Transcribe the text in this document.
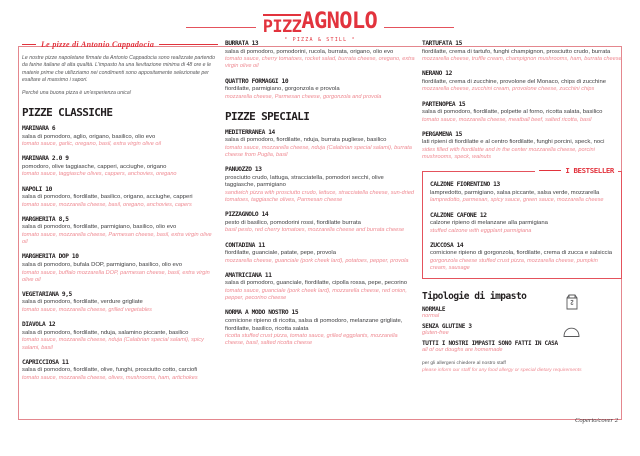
PIZZ AGNOLO
° PIZZA & STILL °
Le pizze di Antonio Cappadocia

Le nostre pizze napoletane firmate da Antonio Cappadocia sono realizzate partendo da farine italiane di alta qualità. L'impasto ha una lievitazione minima di 48 ore e le materie prime che utilizziamo nei condimenti sono appositamente selezionate per esaltare al massimo i sapori.

Perché una buona pizza è un'esperienza unica!

PIZZE CLASSICHE
MARINARA 6
salsa di pomodoro, aglio, origano, basilico, olio evo
tomato sauce, garlic, oregano, basil, extra virgin olive oil
MARINARA 2.0 9
pomodoro, olive taggiasche, capperi, acciughe, origano
tomato sauce, taggiasche olives, cappers, anchovies, oregano
NAPOLI 10
salsa di pomodoro, fiordilatte, basilico, origano, acciughe, capperi
tomato sauce, mozzarella cheese, basil, oregano, anchovies, capers
MARGHERITA 8,5
salsa di pomodoro, fiordilatte, parmigiano, basilico, olio evo
tomato sauce, mozzarella cheese, Parmesan cheese, basil, extra virgin olive oil
MARGHERITA DOP 10
salsa di pomodoro, bufala DOP, parmigiano, basilico, olio evo
tomato sauce, buffalo mozzarella DOP, parmesan cheese, basil, extra virgin olive oil
VEGETARIANA 9,5
salsa di pomodoro, fiordilatte, verdure grigliate
tomato sauce, mozzarella cheese, grilled vegetables
DIAVOLA 12
salsa di pomodoro, fiordilatte, nduja, salamino piccante, basilico
tomato sauce, mozzarella cheese, nduja (Calabrian special salami), spicy salami, basil
CAPRICCIOSA 11
salsa di pomodoro, fiordilatte, olive, funghi, prosciutto cotto, carciofi
tomato sauce, mozzarella cheese, olives, mushrooms, ham, artichokes
BURRATA 13
salsa di pomodoro, pomodorini, rucola, burrata, origano, olio evo
tomato sauce, cherry tomatoes, rocket salad, burrata cheese, oregano, extra virgin olive oil
QUATTRO FORMAGGI 10
fiordilatte, parmigiano, gorgonzola e provola
mozzarella cheese, Parmesan cheese, gorgonzola and provola
PIZZE SPECIALI
MEDITERRANEA 14
salsa di pomodoro, fiordilatte, nduja, burrata pugliese, basilico
tomato sauce, mozzarella cheese, nduja (Calabrian special salami), burrata cheese from Puglia, basil
PANUOZZO 13
prosciutto crudo, lattuga, stracciatella, pomodori secchi, olive taggiasche, parmigiano
sandwich pizza with prosciutto crudo, lettuce, stracciatella cheese, sun-dried tomatoes, taggiasche olives, Parmesan cheese
PIZZAGNOLO 14
pesto di basilico, pomodorini rossi, fiordilatte burrata
basil pesto, red cherry tomatoes, mozzarella cheese and burrata cheese
CONTADINA 11
fiordilatte, guanciale, patate, pepe, provola
mozzarella cheese, guanciale (pork cheek lard), potatoes, pepper, provola
AMATRICIANA 11
salsa di pomodoro, guanciale, fiordilatte, cipolla rossa, pepe, pecorino
tomato sauce, guanciale (pork cheek lard), mozzarella cheese, red onion, pepper, pecorino cheese
NORMA A MODO NOSTRO 15
cornicione ripieno di ricotta, salsa di pomodoro, melanzane grigliate, fiordilatte, basilico, ricotta salata
ricotta stuffed crust pizza, tomato sauce, grilled eggplants, mozzarella cheese, basil, salted ricotta cheese
TARTUFATA 15
fiordilatte, crema di tartufo, funghi champignon, prosciutto crudo, burrata
mozzarella cheese, truffle cream, champignon mushrooms, ham, burrata cheese
NERANO 12
fiordilatte, crema di zucchine, provolone del Monaco, chips di zucchine
mozzarella cheese, zucchini cream, provolone cheese, zucchini chips
PARTENOPEA 15
salsa di pomodoro, fiordilatte, polpette al forno, ricotta salata, basilico
tomato sauce, mozzarella cheese, meatball beef, salted ricotta, basil
PERGAMENA 15
lati ripieni di fiordilatte e al centro fiordilatte, funghi porcini, speck, noci
sides filled with fiordilatte and in the center mozzarella cheese, porcini mushrooms, speck, walnuts
I BESTSELLER
CALZONE FIORENTINO 13
lampredotto, parmigiano, salsa piccante, salsa verde, mozzarella
lampredotto, parmesan, spicy sauce, green sauce, mozzarella cheese
CALZONE CAFONE 12
calzone ripieno di melanzane alla parmigiana
stuffed calzone with eggplant parmigiana
ZUCCOSA 14
cornicione ripieno di gorgonzola, fiordilatte, crema di zucca e salsiccia
gorgonzola cheese stuffed crust pizza, mozzarella cheese, pumpkin cream, sausage
Tipologie di impasto
NORMALE
normal
SENZA GLUTINE 3
gluten-free
TUTTI I NOSTRI IMPASTI SONO FATTI IN CASA
all of our doughs are homemade
per gli allergeni chiedere al nostro staff
please inform our staff for any food allergy or special dietary requirements
Coperto/cover 2
